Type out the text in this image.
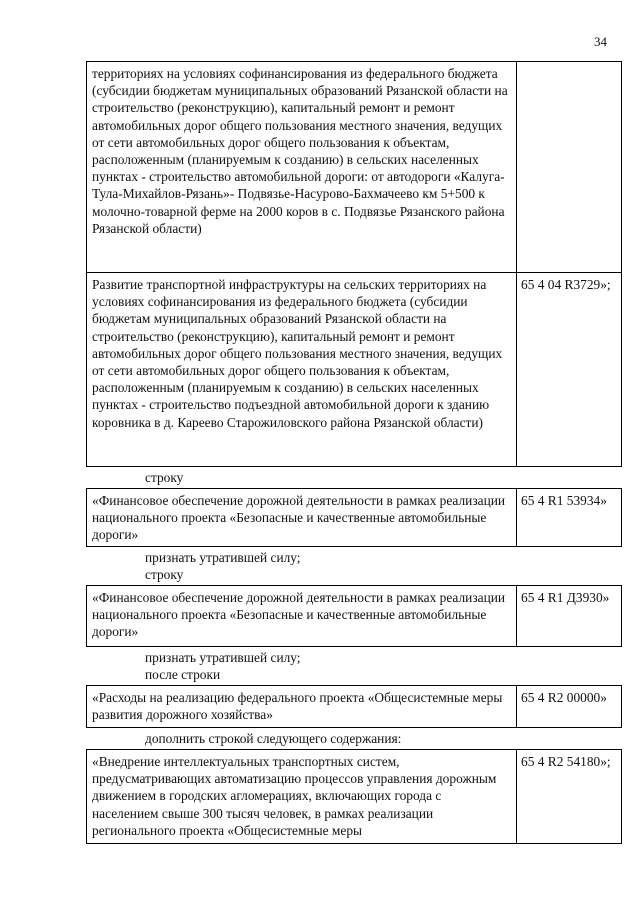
34
территориях на условиях софинансирования из федерального бюджета (субсидии бюджетам муниципальных образований Рязанской области на строительство (реконструкцию), капитальный ремонт и ремонт автомобильных дорог общего пользования местного значения, ведущих от сети автомобильных дорог общего пользования к объектам, расположенным (планируемым к созданию) в сельских населенных пунктах - строительство автомобильной дороги: от автодороги «Калуга-Тула-Михайлов-Рязань»- Подвязье-Насурово-Бахмачеево км 5+500 к молочно-товарной ферме на 2000 коров в с. Подвязье Рязанского района Рязанской области)	
Развитие транспортной инфраструктуры на сельских территориях на условиях софинансирования из федерального бюджета (субсидии бюджетам муниципальных образований Рязанской области на строительство (реконструкцию), капитальный ремонт и ремонт автомобильных дорог общего пользования местного значения, ведущих от сети автомобильных дорог общего пользования к объектам, расположенным (планируемым к созданию) в сельских населенных пунктах - строительство подъездной автомобильной дороги к зданию коровника в д. Кареево Старожиловского района Рязанской области)	65 4 04 R3729»;
строку
«Финансовое обеспечение дорожной деятельности в рамках реализации национального проекта «Безопасные и качественные автомобильные дороги»	65 4 R1 53934»
признать утратившей силу;
строку
«Финансовое обеспечение дорожной деятельности в рамках реализации национального проекта «Безопасные и качественные автомобильные дороги»	65 4 R1 Д3930»
признать утратившей силу;
после строки
«Расходы на реализацию федерального проекта «Общесистемные меры развития дорожного хозяйства»	65 4 R2 00000»
дополнить строкой следующего содержания:
«Внедрение интеллектуальных транспортных систем, предусматривающих автоматизацию процессов управления дорожным движением в городских агломерациях, включающих города с населением свыше 300 тысяч человек, в рамках реализации регионального проекта «Общесистемные меры	65 4 R2 54180»;
